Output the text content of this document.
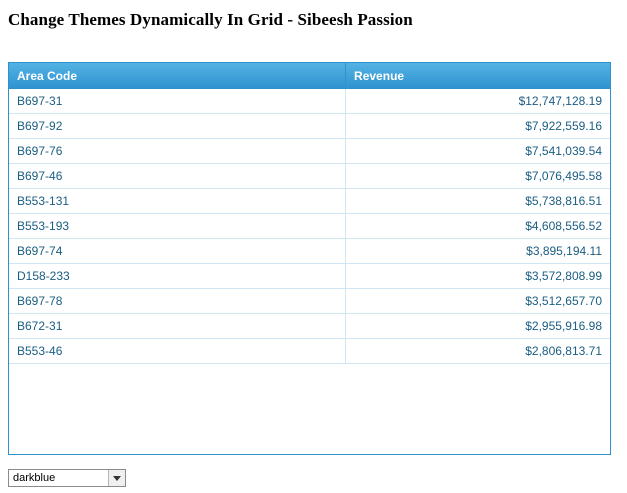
Change Themes Dynamically In Grid - Sibeesh Passion
Area Code	Revenue
B697-31	$12,747,128.19
B697-92	$7,922,559.16
B697-76	$7,541,039.54
B697-46	$7,076,495.58
B553-131	$5,738,816.51
B553-193	$4,608,556.52
B697-74	$3,895,194.11
D158-233	$3,572,808.99
B697-78	$3,512,657.70
B672-31	$2,955,916.98
B553-46	$2,806,813.71
darkblue
